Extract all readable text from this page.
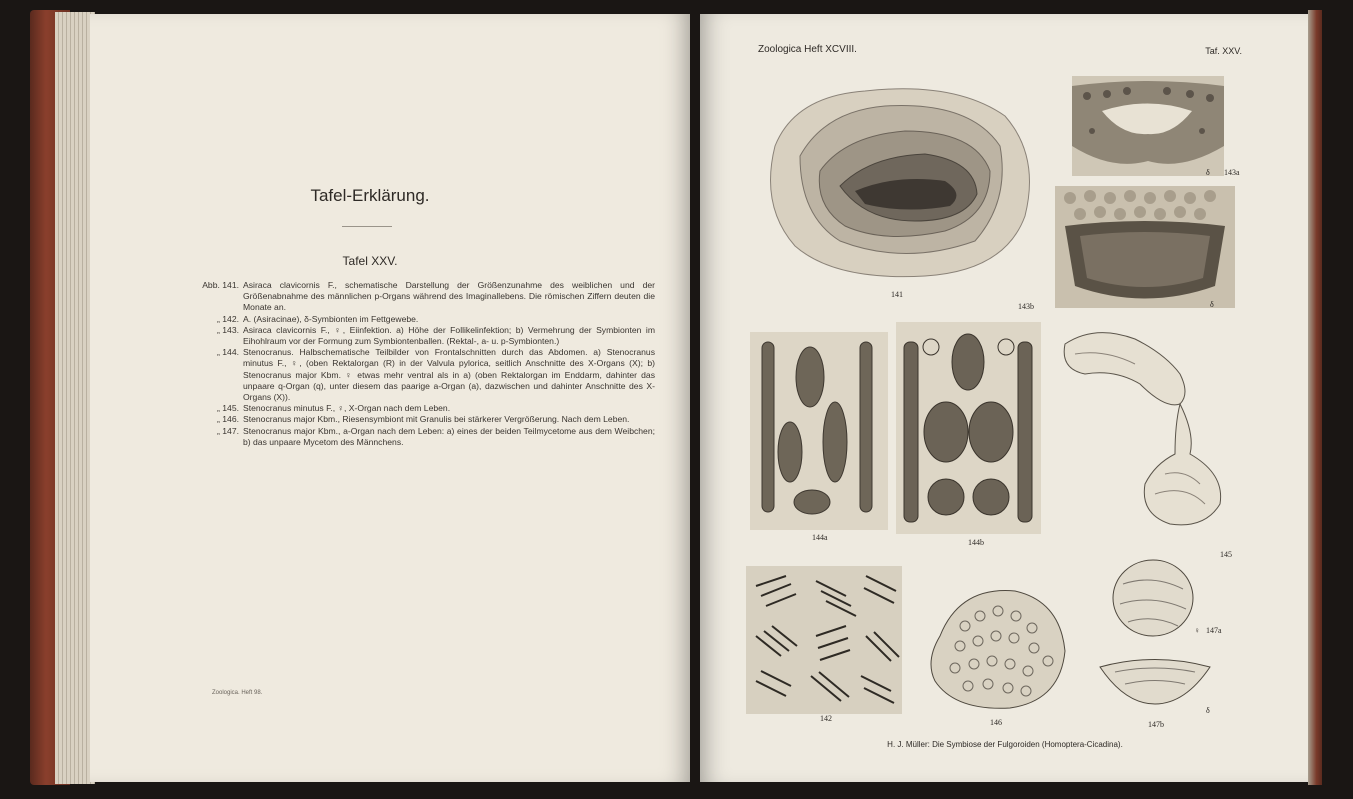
Tafel-Erklärung.
Tafel XXV.
Abb. 141. Asiraca clavicornis F., schematische Darstellung der Größenzunahme des weiblichen und der Größenabnahme des männlichen p-Organs während des Imaginallebens. Die römischen Ziffern deuten die Monate an.
„ 142. A. (Asiracinae), δ-Symbionten im Fettgewebe.
„ 143. Asiraca clavicornis F., ♀, Eiinfektion. a) Höhe der Follikelinfektion; b) Vermehrung der Symbionten im Eihohlraum vor der Formung zum Symbiontenballen. (Rektal-, a- u. p-Symbionten.)
„ 144. Stenocranus. Halbschematische Teilbilder von Frontalschnitten durch das Abdomen. a) Stenocranus minutus F., ♀, (oben Rektalorgan (R) in der Valvula pylorica, seitlich Anschnitte des X-Organs (X); b) Stenocranus major Kbm. ♀ etwas mehr ventral als in a) (oben Rektalorgan im Enddarm, dahinter das unpaare q-Organ (q), unter diesem das paarige a-Organ (a), dazwischen und dahinter Anschnitte des X-Organs (X)).
„ 145. Stenocranus minutus F., ♀, X-Organ nach dem Leben.
„ 146. Stenocranus major Kbm., Riesensymbiont mit Granulis bei stärkerer Vergrößerung. Nach dem Leben.
„ 147. Stenocranus major Kbm., a-Organ nach dem Leben: a) eines der beiden Teilmycetome aus dem Weibchen; b) das unpaare Mycetom des Männchens.
Zoologica. Heft 98.
Zoologica Heft XCVIII.	Taf. XXV.
141
δ 143a
143b	δ
144a
144b
145
142	146
♀ 147a
δ
147b
H. J. Müller: Die Symbiose der Fulgoroiden (Homoptera-Cicadina).
